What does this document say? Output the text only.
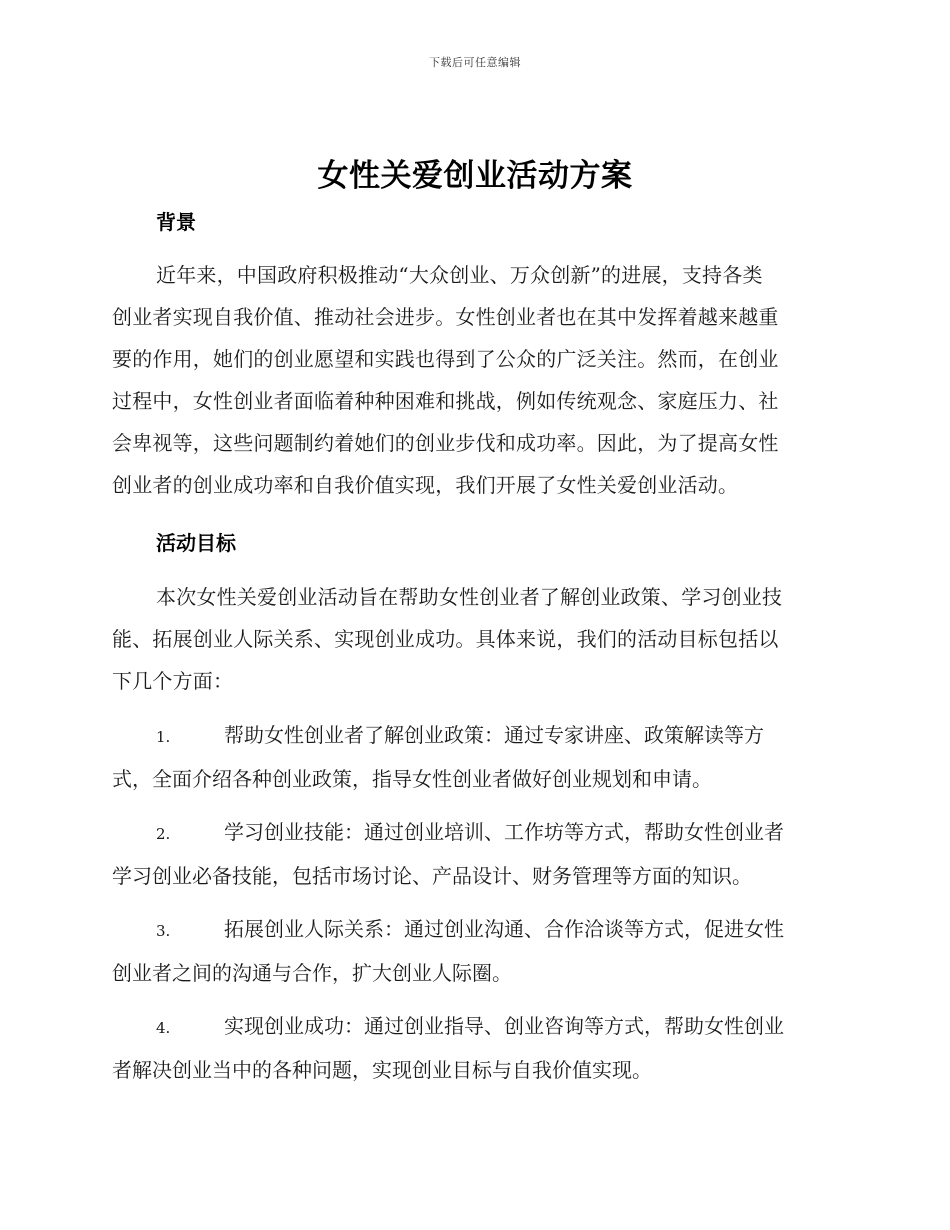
下载后可任意编辑
女性关爱创业活动方案
背景
近年来，中国政府积极推动“大众创业、万众创新”的进展，支持各类
创业者实现自我价值、推动社会进步。女性创业者也在其中发挥着越来越重
要的作用，她们的创业愿望和实践也得到了公众的广泛关注。然而，在创业
过程中，女性创业者面临着种种困难和挑战，例如传统观念、家庭压力、社
会卑视等，这些问题制约着她们的创业步伐和成功率。因此，为了提高女性
创业者的创业成功率和自我价值实现，我们开展了女性关爱创业活动。
活动目标
本次女性关爱创业活动旨在帮助女性创业者了解创业政策、学习创业技
能、拓展创业人际关系、实现创业成功。具体来说，我们的活动目标包括以
下几个方面：
1.	帮助女性创业者了解创业政策：通过专家讲座、政策解读等方
式，全面介绍各种创业政策，指导女性创业者做好创业规划和申请。
2.	学习创业技能：通过创业培训、工作坊等方式，帮助女性创业者
学习创业必备技能，包括市场讨论、产品设计、财务管理等方面的知识。
3.	拓展创业人际关系：通过创业沟通、合作洽谈等方式，促进女性
创业者之间的沟通与合作，扩大创业人际圈。
4.	实现创业成功：通过创业指导、创业咨询等方式，帮助女性创业
者解决创业当中的各种问题，实现创业目标与自我价值实现。
